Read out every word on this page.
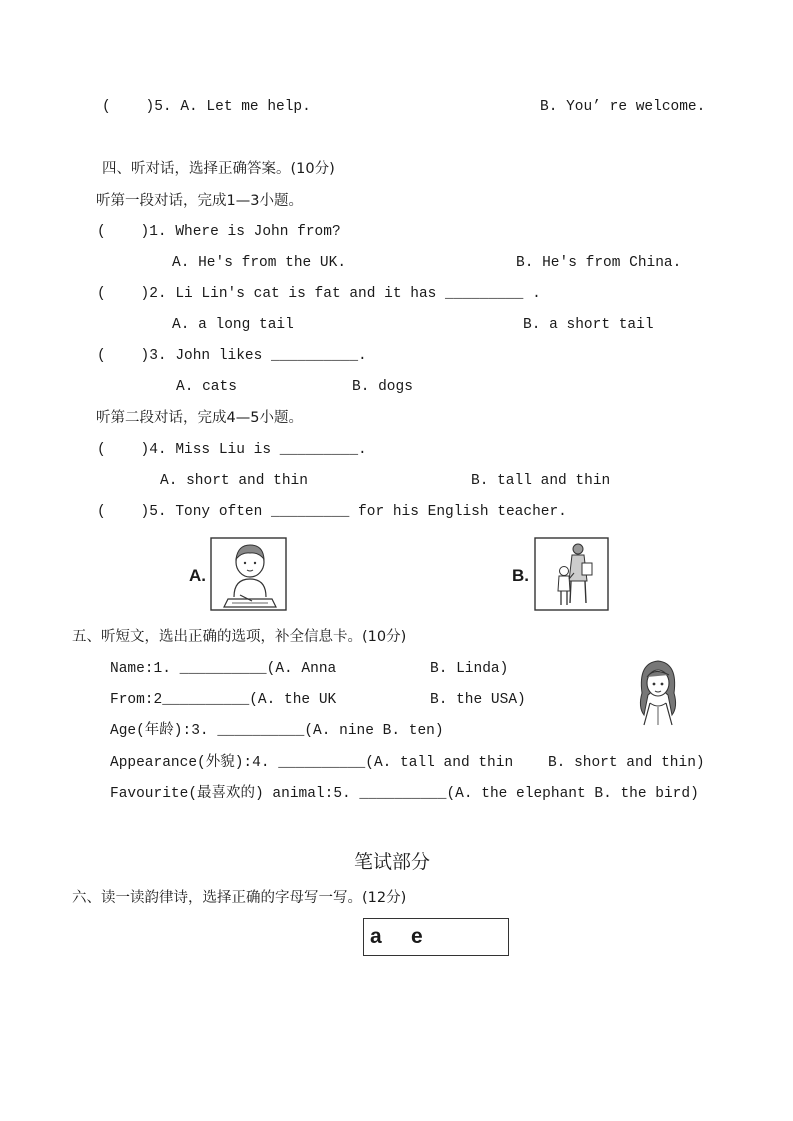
(    )5. A. Let me help.	B. You’ re welcome.
四、听对话，选择正确答案。(10分)
听第一段对话，完成1—3小题。
(    )1. Where is John from?
A. He's from the UK.	B. He's from China.
(    )2. Li Lin's cat is fat and it has _________ .
A. a long tail	B. a short tail
(    )3. John likes __________.
A. cats	B. dogs
听第二段对话，完成4—5小题。
(    )4. Miss Liu is _________.
A. short and thin	B. tall and thin
(    )5. Tony often _________ for his English teacher.
A.	B.
五、听短文，选出正确的选项，补全信息卡。(10分)
Name:1. __________(A. Anna	B. Linda)
From:2__________(A. the UK	B. the USA)
Age(年龄):3. __________(A. nine B. ten)
Appearance(外貌):4. __________(A. tall and thin    B. short and thin)
Favourite(最喜欢的) animal:5. __________(A. the elephant B. the bird)
笔试部分
六、读一读韵律诗，选择正确的字母写一写。(12分)
a e
